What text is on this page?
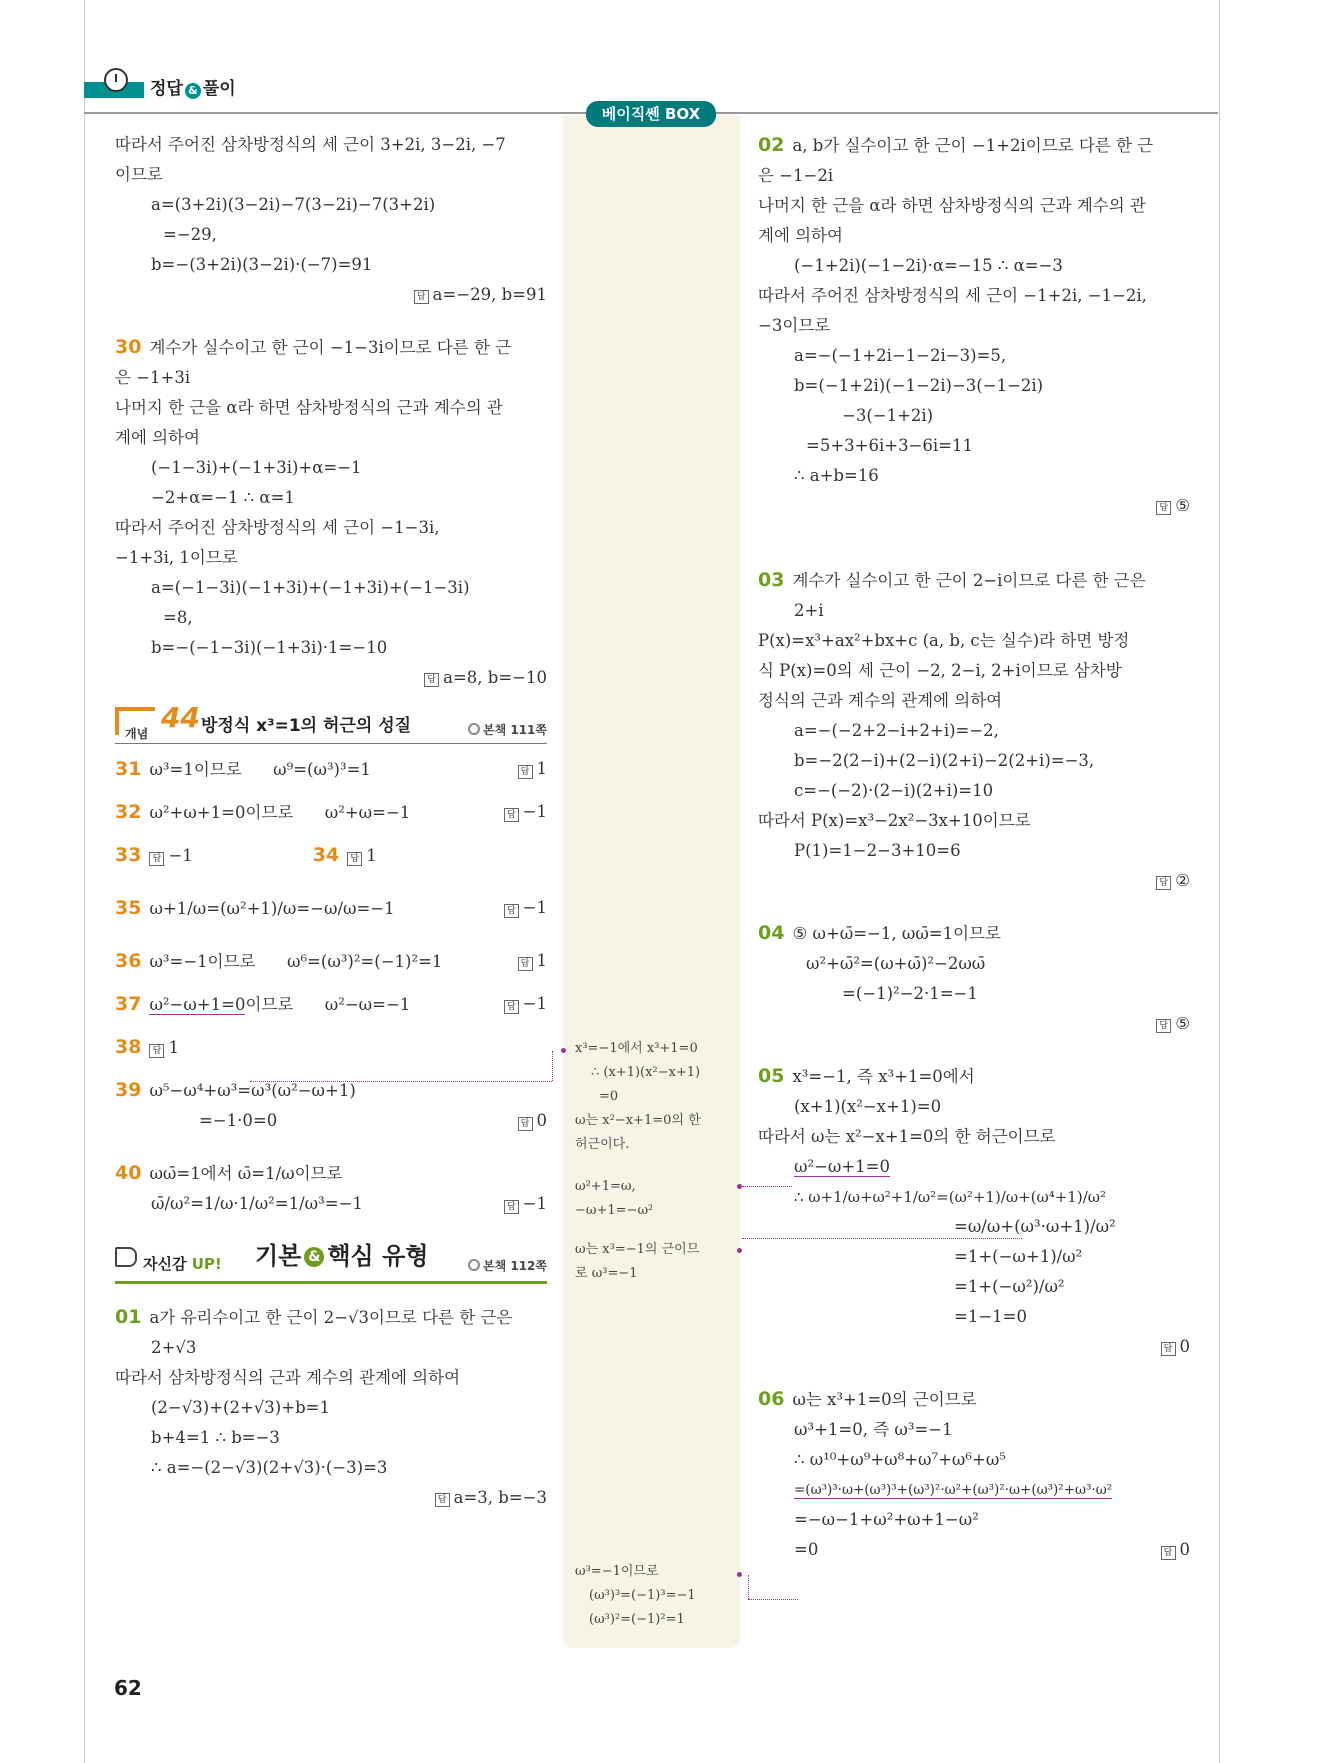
정답 & 풀이
베이직쎈 BOX
따라서 주어진 삼차방정식의 세 근이 3+2i, 3−2i, −7
이므로
a=(3+2i)(3−2i)−7(3−2i)−7(3+2i)
=−29,
b=−(3+2i)(3−2i)·(−7)=91
답 a=−29, b=91
30 계수가 실수이고 한 근이 −1−3i이므로 다른 한 근
은 −1+3i
나머지 한 근을 α라 하면 삼차방정식의 근과 계수의 관
계에 의하여
(−1−3i)+(−1+3i)+α=−1
−2+α=−1 ∴ α=1
따라서 주어진 삼차방정식의 세 근이 −1−3i,
−1+3i, 1이므로
a=(−1−3i)(−1+3i)+(−1+3i)+(−1−3i)
=8,
b=−(−1−3i)(−1+3i)·1=−10
답 a=8, b=−10
개념 44 방정식 x³=1의 허근의 성질	본책 111쪽
31 ω³=1이므로 ω⁹=(ω³)³=1	답 1
32 ω²+ω+1=0이므로 ω²+ω=−1	답 −1
33 답 −1	34 답 1
35 ω+1/ω=(ω²+1)/ω=−ω/ω=−1	답 −1
36 ω³=−1이므로 ω⁶=(ω³)²=(−1)²=1	답 1
37 ω²−ω+1=0이므로 ω²−ω=−1	답 −1
38 답 1
39 ω⁵−ω⁴+ω³=ω³(ω²−ω+1)
=−1·0=0	답 0
40 ωω̄=1에서 ω̄=1/ω이므로
ω̄/ω²=1/ω·1/ω²=1/ω³=−1	답 −1
자신감 UP! 기본 & 핵심 유형	본책 112쪽
01 a가 유리수이고 한 근이 2−√3이므로 다른 한 근은
2+√3
따라서 삼차방정식의 근과 계수의 관계에 의하여
(2−√3)+(2+√3)+b=1
b+4=1 ∴ b=−3
∴ a=−(2−√3)(2+√3)·(−3)=3
답 a=3, b=−3
x³=−1에서 x³+1=0
∴ (x+1)(x²−x+1)
=0
ω는 x²−x+1=0의 한
허근이다.
ω²+1=ω,
−ω+1=−ω²
ω는 x³=−1의 근이므
로 ω³=−1
ω³=−1이므로
(ω³)³=(−1)³=−1
(ω³)²=(−1)²=1
02 a, b가 실수이고 한 근이 −1+2i이므로 다른 한 근
은 −1−2i
나머지 한 근을 α라 하면 삼차방정식의 근과 계수의 관
계에 의하여
(−1+2i)(−1−2i)·α=−15 ∴ α=−3
따라서 주어진 삼차방정식의 세 근이 −1+2i, −1−2i,
−3이므로
a=−(−1+2i−1−2i−3)=5,
b=(−1+2i)(−1−2i)−3(−1−2i)
−3(−1+2i)
=5+3+6i+3−6i=11
∴ a+b=16
답 ⑤
03 계수가 실수이고 한 근이 2−i이므로 다른 한 근은
2+i
P(x)=x³+ax²+bx+c (a, b, c는 실수)라 하면 방정
식 P(x)=0의 세 근이 −2, 2−i, 2+i이므로 삼차방
정식의 근과 계수의 관계에 의하여
a=−(−2+2−i+2+i)=−2,
b=−2(2−i)+(2−i)(2+i)−2(2+i)=−3,
c=−(−2)·(2−i)(2+i)=10
따라서 P(x)=x³−2x²−3x+10이므로
P(1)=1−2−3+10=6
답 ②
04 ⑤ ω+ω̄=−1, ωω̄=1이므로
ω²+ω̄²=(ω+ω̄)²−2ωω̄
=(−1)²−2·1=−1
답 ⑤
05 x³=−1, 즉 x³+1=0에서
(x+1)(x²−x+1)=0
따라서 ω는 x²−x+1=0의 한 허근이므로
ω²−ω+1=0
∴ ω+1/ω+ω²+1/ω²=(ω²+1)/ω+(ω⁴+1)/ω²
=ω/ω+(ω³·ω+1)/ω²
=1+(−ω+1)/ω²
=1+(−ω²)/ω²
=1−1=0
답 0
06 ω는 x³+1=0의 근이므로
ω³+1=0, 즉 ω³=−1
∴ ω¹⁰+ω⁹+ω⁸+ω⁷+ω⁶+ω⁵
=(ω³)³·ω+(ω³)³+(ω³)²·ω²+(ω³)²·ω+(ω³)²+ω³·ω²
=−ω−1+ω²+ω+1−ω²
=0	답 0
62
